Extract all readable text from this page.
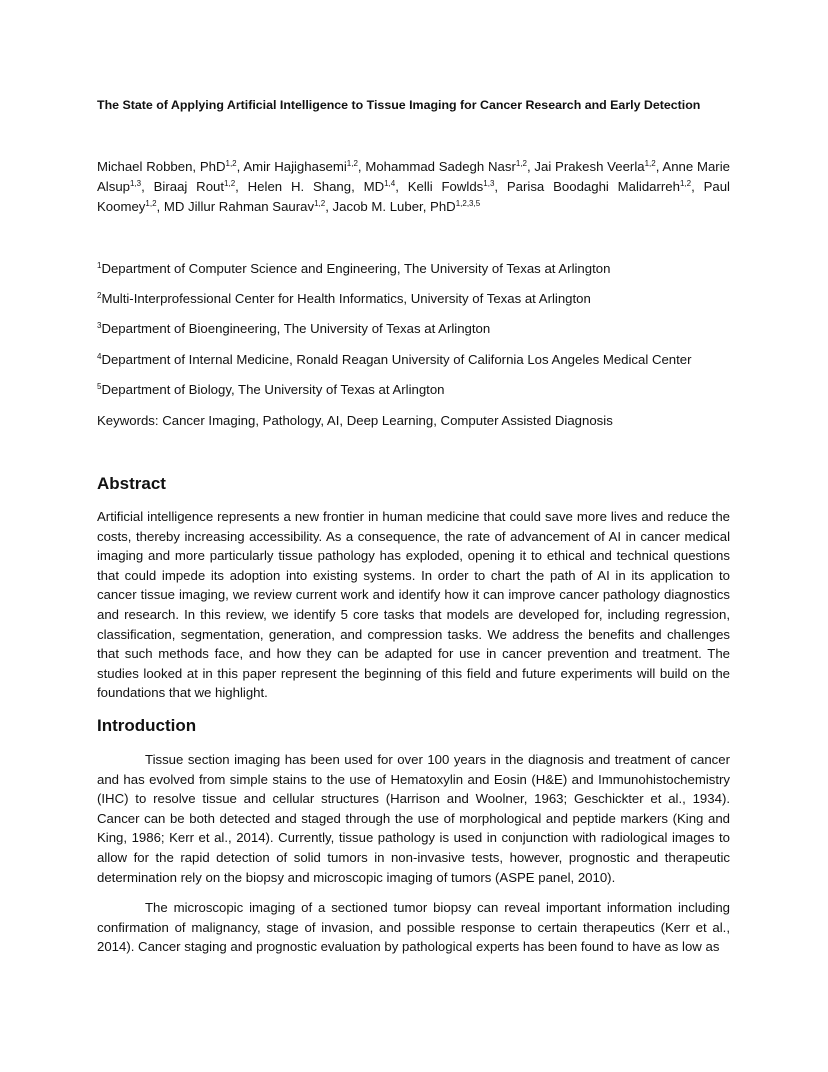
The State of Applying Artificial Intelligence to Tissue Imaging for Cancer Research and Early Detection
Michael Robben, PhD$^{1,2}$, Amir Hajighasemi$^{1,2}$, Mohammad Sadegh Nasr$^{1,2}$, Jai Prakesh Veerla$^{1,2}$, Anne Marie Alsup$^{1,3}$, Biraaj Rout$^{1,2}$, Helen H. Shang, MD$^{1,4}$, Kelli Fowlds$^{1,3}$, Parisa Boodaghi Malidarreh$^{1,2}$, Paul Koomey$^{1,2}$, MD Jillur Rahman Saurav$^{1,2}$, Jacob M. Luber, PhD$^{1,2,3,5}$
$^1$Department of Computer Science and Engineering, The University of Texas at Arlington
$^2$Multi-Interprofessional Center for Health Informatics, University of Texas at Arlington
$^3$Department of Bioengineering, The University of Texas at Arlington
$^4$Department of Internal Medicine, Ronald Reagan University of California Los Angeles Medical Center
$^5$Department of Biology, The University of Texas at Arlington
Keywords: Cancer Imaging, Pathology, AI, Deep Learning, Computer Assisted Diagnosis
Abstract

Artificial intelligence represents a new frontier in human medicine that could save more lives and reduce the costs, thereby increasing accessibility. As a consequence, the rate of advancement of AI in cancer medical imaging and more particularly tissue pathology has exploded, opening it to ethical and technical questions that could impede its adoption into existing systems. In order to chart the path of AI in its application to cancer tissue imaging, we review current work and identify how it can improve cancer pathology diagnostics and research. In this review, we identify 5 core tasks that models are developed for, including regression, classification, segmentation, generation, and compression tasks. We address the benefits and challenges that such methods face, and how they can be adapted for use in cancer prevention and treatment. The studies looked at in this paper represent the beginning of this field and future experiments will build on the foundations that we highlight.

Introduction

Tissue section imaging has been used for over 100 years in the diagnosis and treatment of cancer and has evolved from simple stains to the use of Hematoxylin and Eosin (H&E) and Immunohistochemistry (IHC) to resolve tissue and cellular structures (Harrison and Woolner, 1963; Geschickter et al., 1934). Cancer can be both detected and staged through the use of morphological and peptide markers (King and King, 1986; Kerr et al., 2014). Currently, tissue pathology is used in conjunction with radiological images to allow for the rapid detection of solid tumors in non-invasive tests, however, prognostic and therapeutic determination rely on the biopsy and microscopic imaging of tumors (ASPE panel, 2010).

The microscopic imaging of a sectioned tumor biopsy can reveal important information including confirmation of malignancy, stage of invasion, and possible response to certain therapeutics (Kerr et al., 2014). Cancer staging and prognostic evaluation by pathological experts has been found to have as low as
